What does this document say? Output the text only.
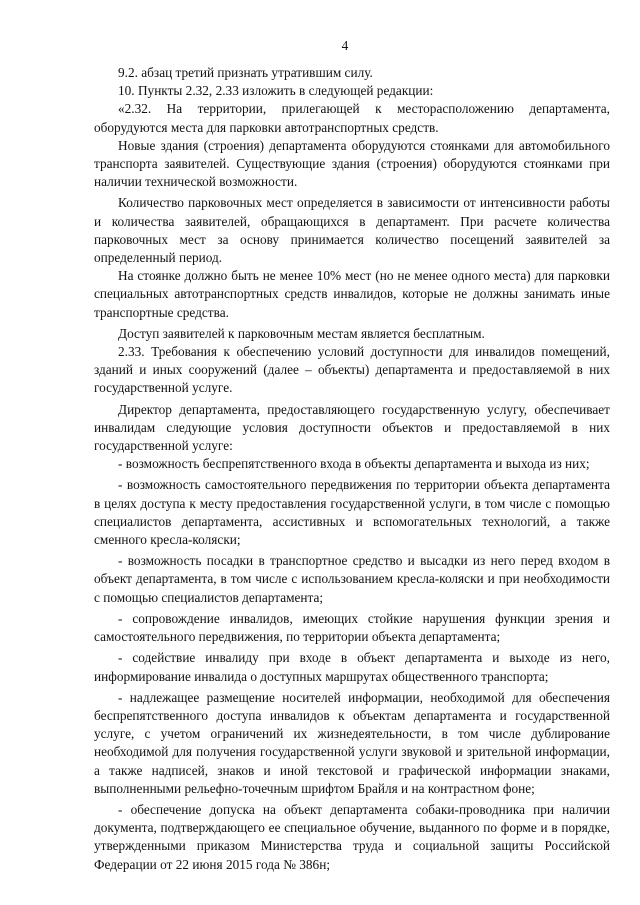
4

9.2. абзац третий признать утратившим силу.

10. Пункты 2.32, 2.33 изложить в следующей редакции:

«2.32. На территории, прилегающей к месторасположению департамента, оборудуются места для парковки автотранспортных средств.

Новые здания (строения) департамента оборудуются стоянками для автомобильного транспорта заявителей. Существующие здания (строения) оборудуются стоянками при наличии технической возможности.

Количество парковочных мест определяется в зависимости от интенсивности работы и количества заявителей, обращающихся в департамент. При расчете количества парковочных мест за основу принимается количество посещений заявителей за определенный период.

На стоянке должно быть не менее 10% мест (но не менее одного места) для парковки специальных автотранспортных средств инвалидов, которые не должны занимать иные транспортные средства.

Доступ заявителей к парковочным местам является бесплатным.

2.33. Требования к обеспечению условий доступности для инвалидов помещений, зданий и иных сооружений (далее – объекты) департамента и предоставляемой в них государственной услуге.

Директор департамента, предоставляющего государственную услугу, обеспечивает инвалидам следующие условия доступности объектов и предоставляемой в них государственной услуге:

- возможность беспрепятственного входа в объекты департамента и выхода из них;

- возможность самостоятельного передвижения по территории объекта департамента в целях доступа к месту предоставления государственной услуги, в том числе с помощью специалистов департамента, ассистивных и вспомогательных технологий, а также сменного кресла-коляски;

- возможность посадки в транспортное средство и высадки из него перед входом в объект департамента, в том числе с использованием кресла-коляски и при необходимости с помощью специалистов департамента;

- сопровождение инвалидов, имеющих стойкие нарушения функции зрения и самостоятельного передвижения, по территории объекта департамента;

- содействие инвалиду при входе в объект департамента и выходе из него, информирование инвалида о доступных маршрутах общественного транспорта;

- надлежащее размещение носителей информации, необходимой для обеспечения беспрепятственного доступа инвалидов к объектам департамента и государственной услуге, с учетом ограничений их жизнедеятельности, в том числе дублирование необходимой для получения государственной услуги звуковой и зрительной информации, а также надписей, знаков и иной текстовой и графической информации знаками, выполненными рельефно-точечным шрифтом Брайля и на контрастном фоне;

- обеспечение допуска на объект департамента собаки-проводника при наличии документа, подтверждающего ее специальное обучение, выданного по форме и в порядке, утвержденными приказом Министерства труда и социальной защиты Российской Федерации от 22 июня 2015 года № 386н;
